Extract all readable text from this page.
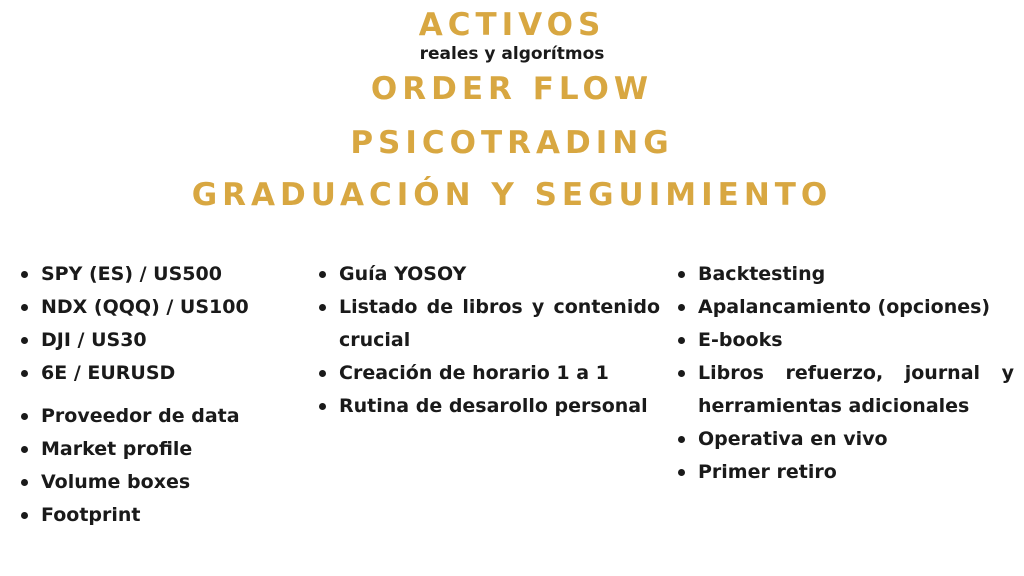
ACTIVOS
reales y algorítmos
ORDER FLOW
PSICOTRADING
GRADUACIÓN Y SEGUIMIENTO
SPY (ES) / US500
NDX (QQQ) / US100
DJI / US30
6E / EURUSD
Proveedor de data
Market profile
Volume boxes
Footprint
Guía YOSOY
Listado de libros y contenido crucial
Creación de horario 1 a 1
Rutina de desarollo personal
Backtesting
Apalancamiento (opciones)
E-books
Libros refuerzo, journal y herramientas adicionales
Operativa en vivo
Primer retiro
